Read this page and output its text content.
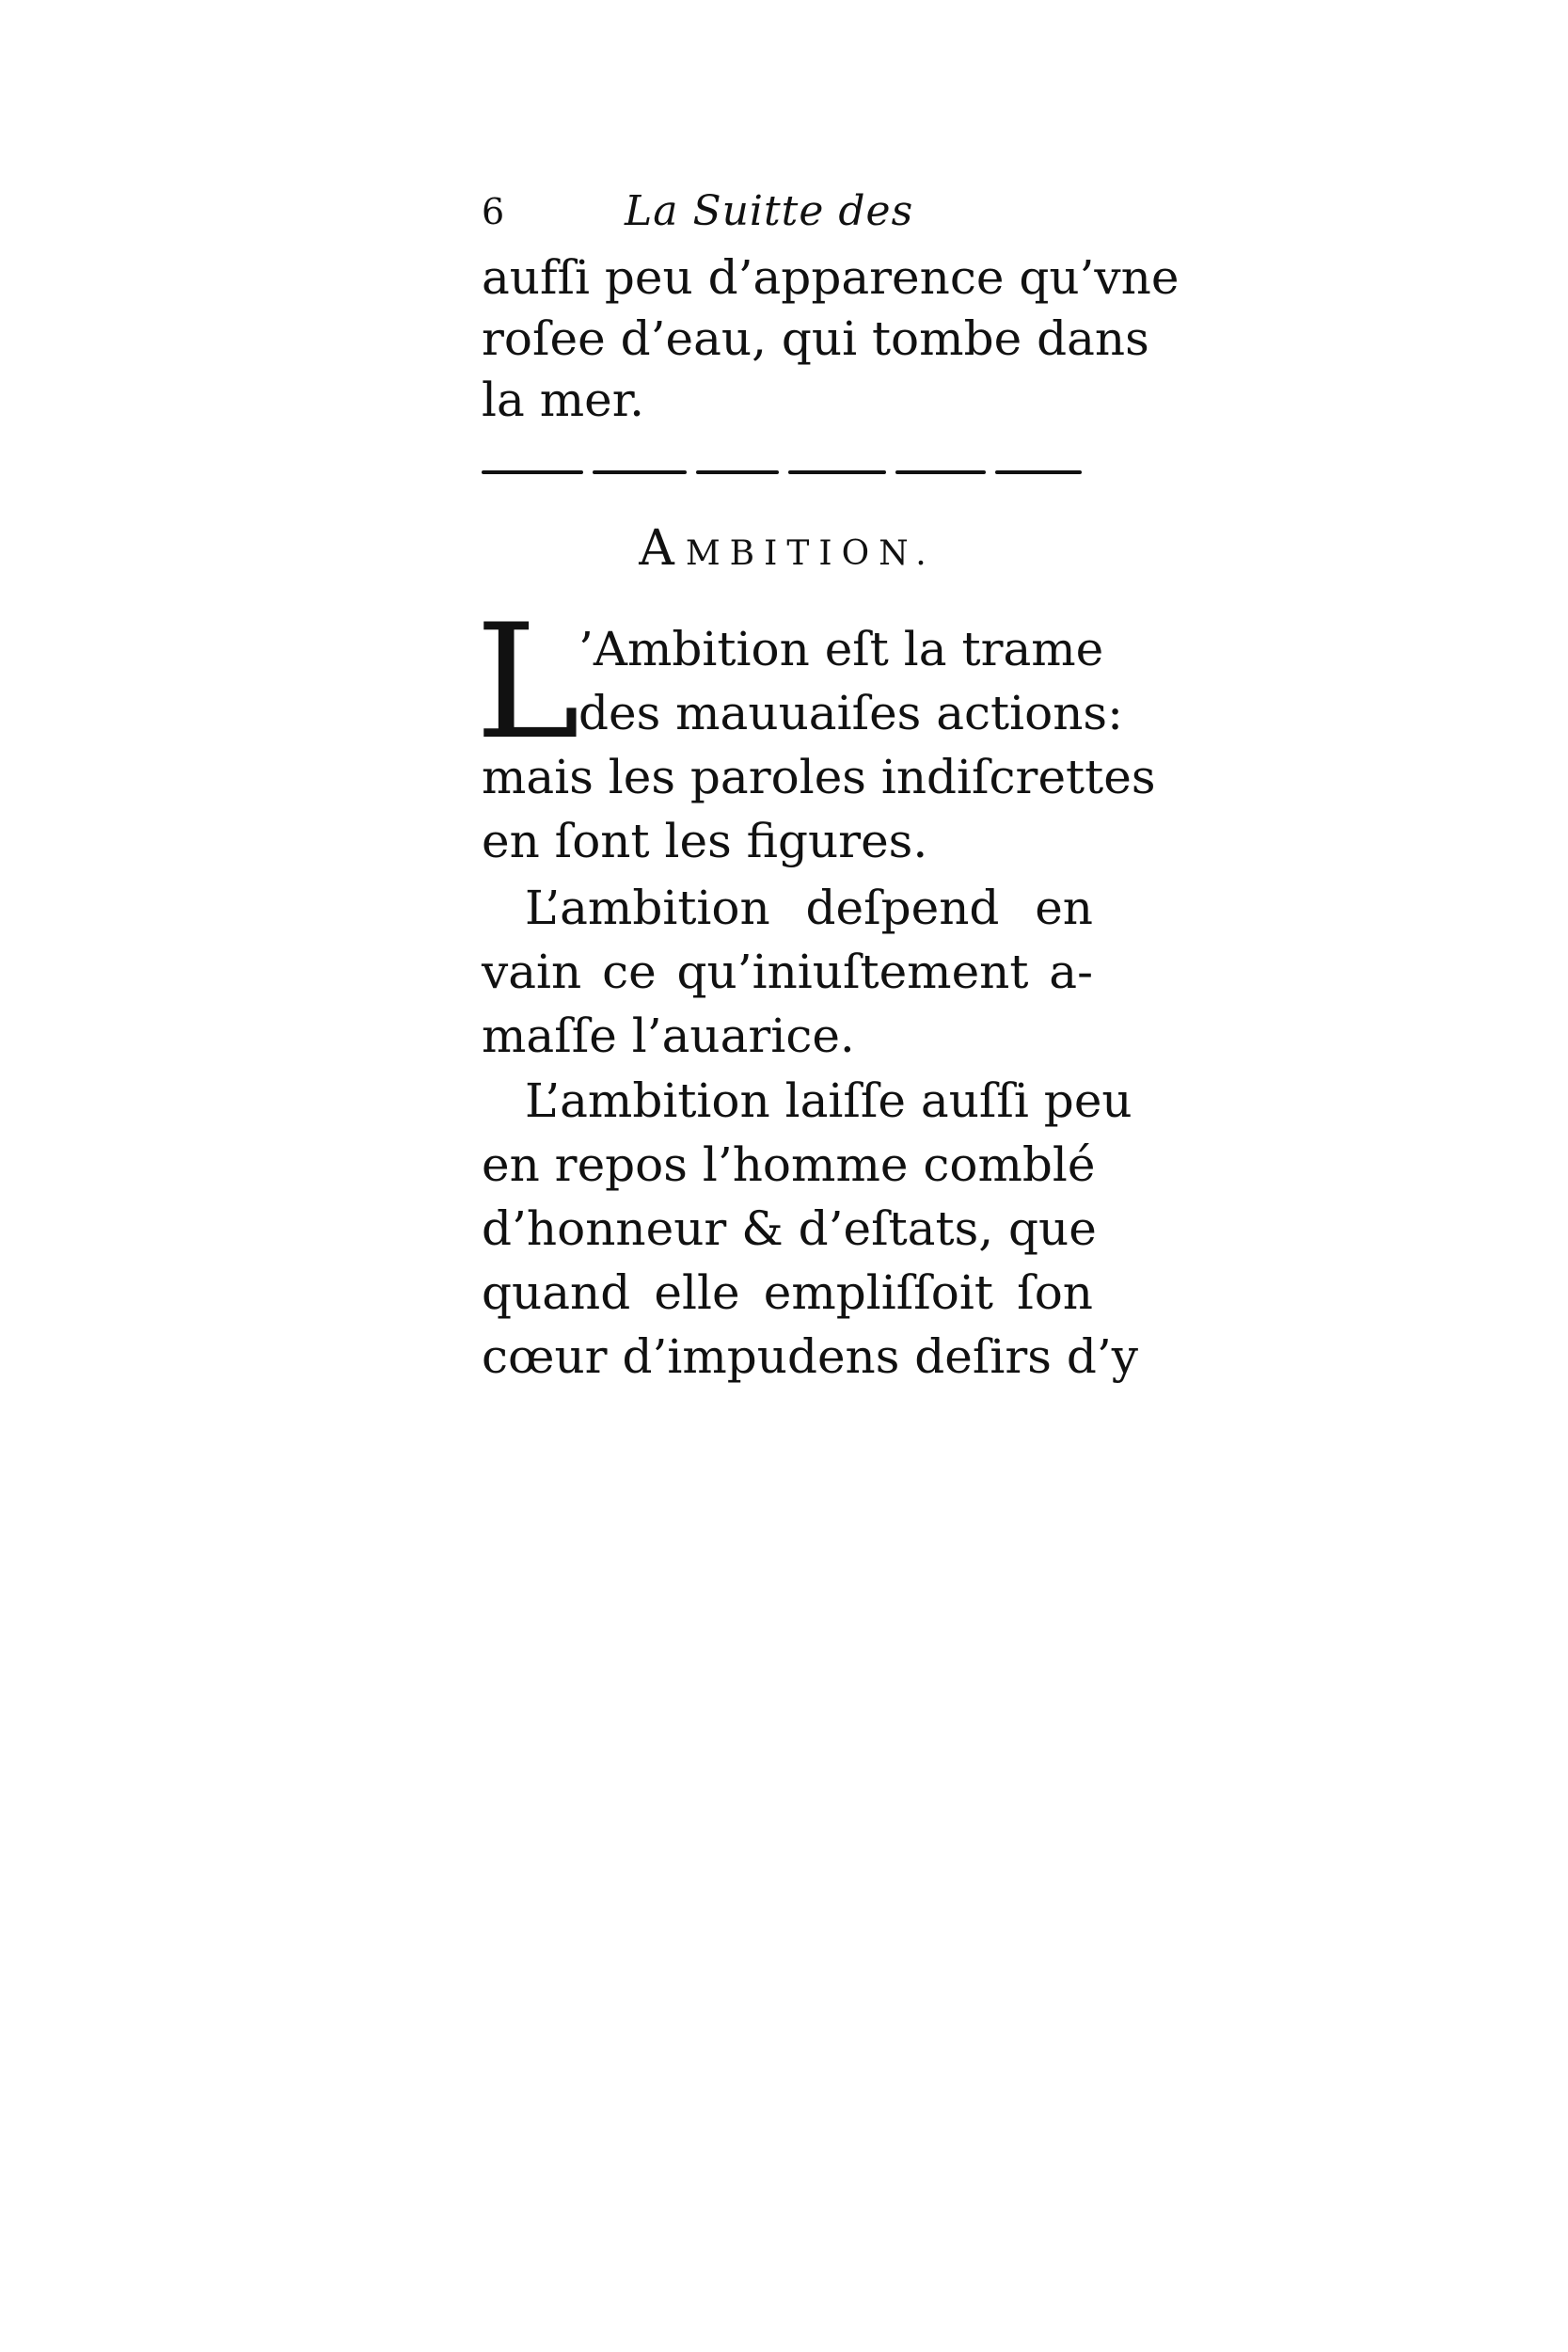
6	La Suitte des
aufſi peu d’apparence qu’vne
roſee d’eau, qui tombe dans
la mer.
AMBITION.
L
’Ambition eſt la trame
des mauuaiſes actions:
mais les paroles indiſcrettes
en ſont les figures.
L’ambition deſpend en
vain ce qu’iniuſtement a-
maſſe l’auarice.
L’ambition laiſſe auſſi peu
en repos l’homme comblé
d’honneur & d’eſtats, que
quand elle empliſſoit ſon
cœur d’impudens deſirs d’y
